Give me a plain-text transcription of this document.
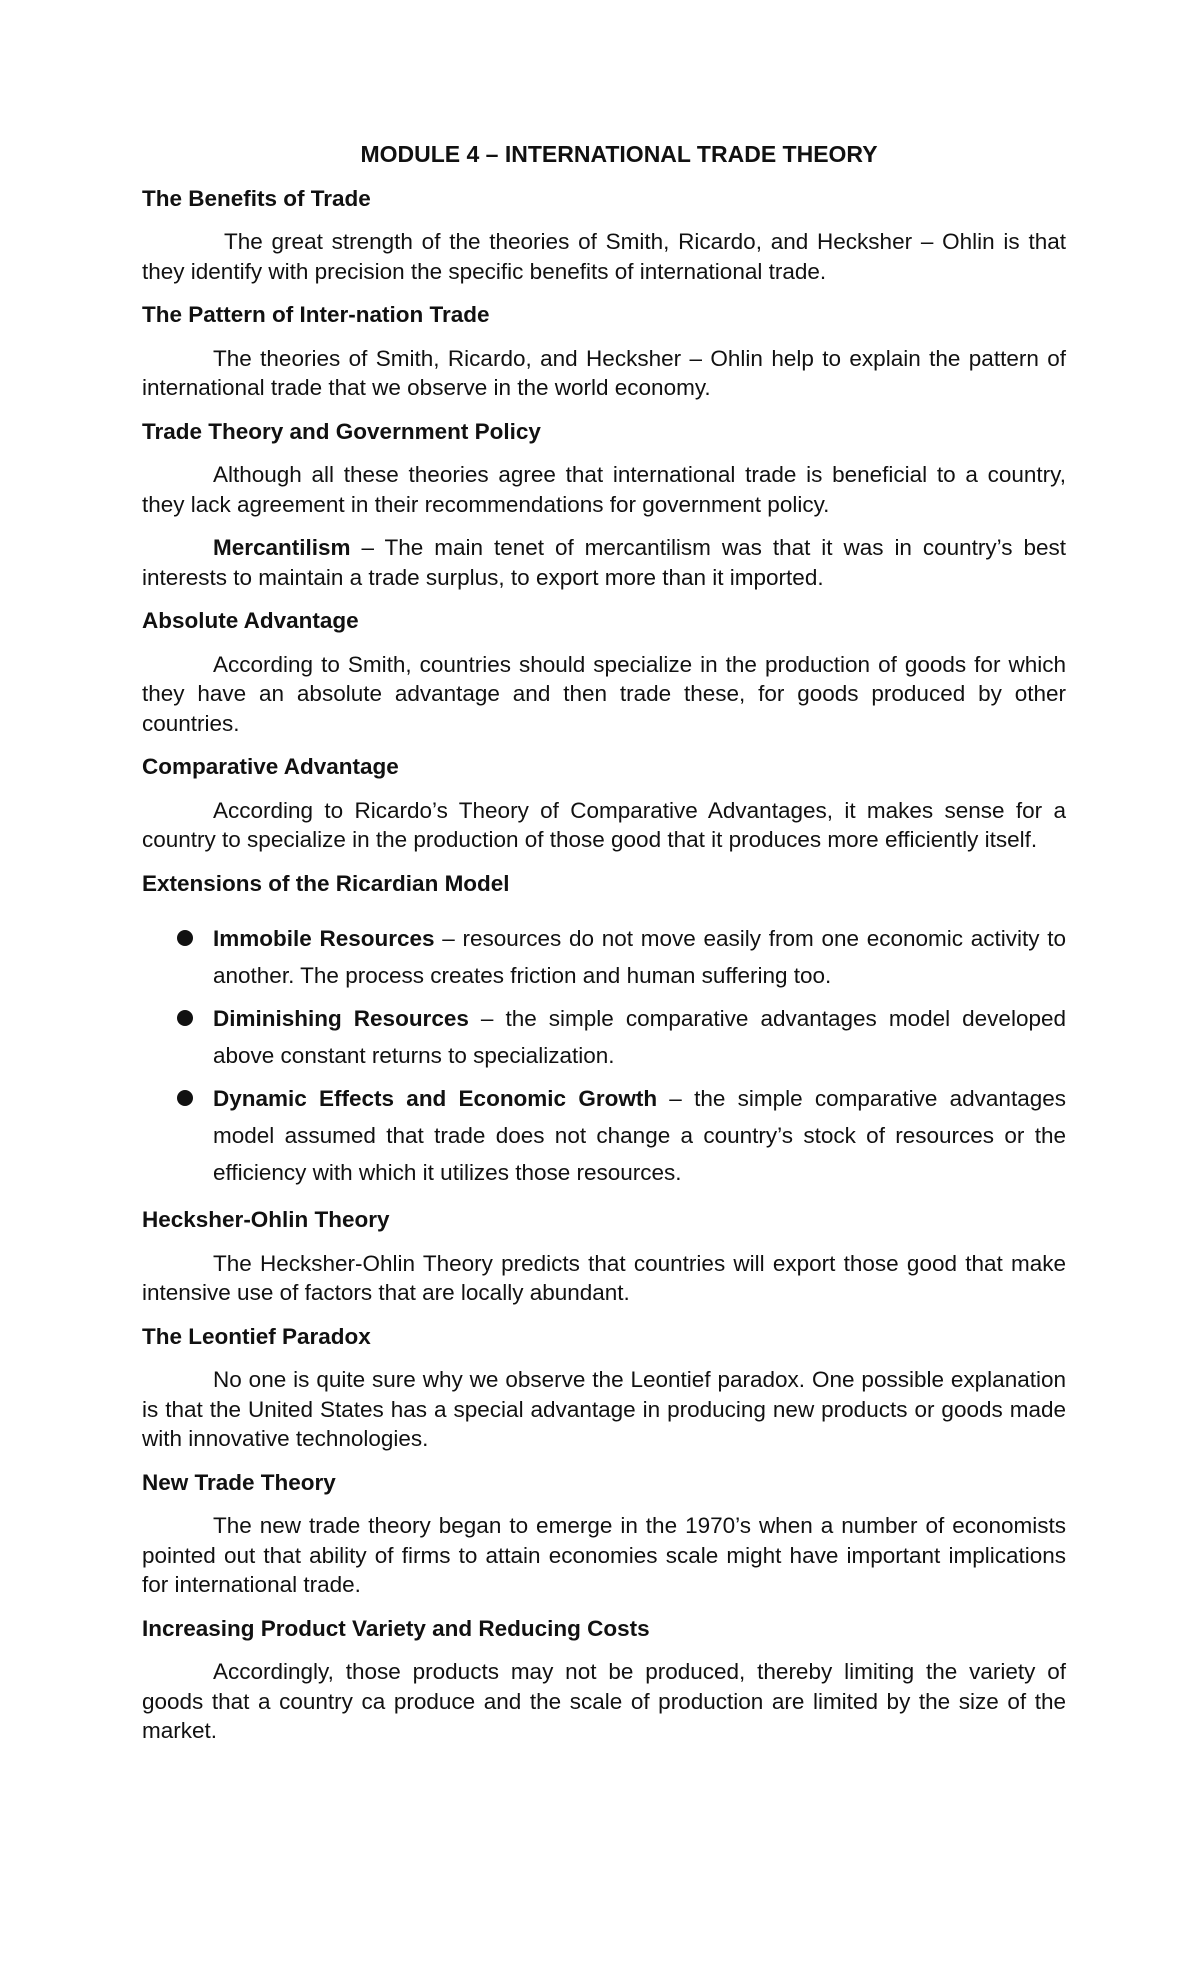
MODULE 4 – INTERNATIONAL TRADE THEORY
The Benefits of Trade

The great strength of the theories of Smith, Ricardo, and Hecksher – Ohlin is that they identify with precision the specific benefits of international trade.

The Pattern of Inter-nation Trade

The theories of Smith, Ricardo, and Hecksher – Ohlin help to explain the pattern of international trade that we observe in the world economy.

Trade Theory and Government Policy

Although all these theories agree that international trade is beneficial to a country, they lack agreement in their recommendations for government policy.

Mercantilism – The main tenet of mercantilism was that it was in country’s best interests to maintain a trade surplus, to export more than it imported.

Absolute Advantage

According to Smith, countries should specialize in the production of goods for which they have an absolute advantage and then trade these, for goods produced by other countries.

Comparative Advantage

According to Ricardo’s Theory of Comparative Advantages, it makes sense for a country to specialize in the production of those good that it produces more efficiently itself.

Extensions of the Ricardian Model
Immobile Resources – resources do not move easily from one economic activity to another. The process creates friction and human suffering too.
Diminishing Resources – the simple comparative advantages model developed above constant returns to specialization.
Dynamic Effects and Economic Growth – the simple comparative advantages model assumed that trade does not change a country’s stock of resources or the efficiency with which it utilizes those resources.
Hecksher-Ohlin Theory

The Hecksher-Ohlin Theory predicts that countries will export those good that make intensive use of factors that are locally abundant.

The Leontief Paradox

No one is quite sure why we observe the Leontief paradox. One possible explanation is that the United States has a special advantage in producing new products or goods made with innovative technologies.

New Trade Theory

The new trade theory began to emerge in the 1970’s when a number of economists pointed out that ability of firms to attain economies scale might have important implications for international trade.

Increasing Product Variety and Reducing Costs

Accordingly, those products may not be produced, thereby limiting the variety of goods that a country ca produce and the scale of production are limited by the size of the market.
